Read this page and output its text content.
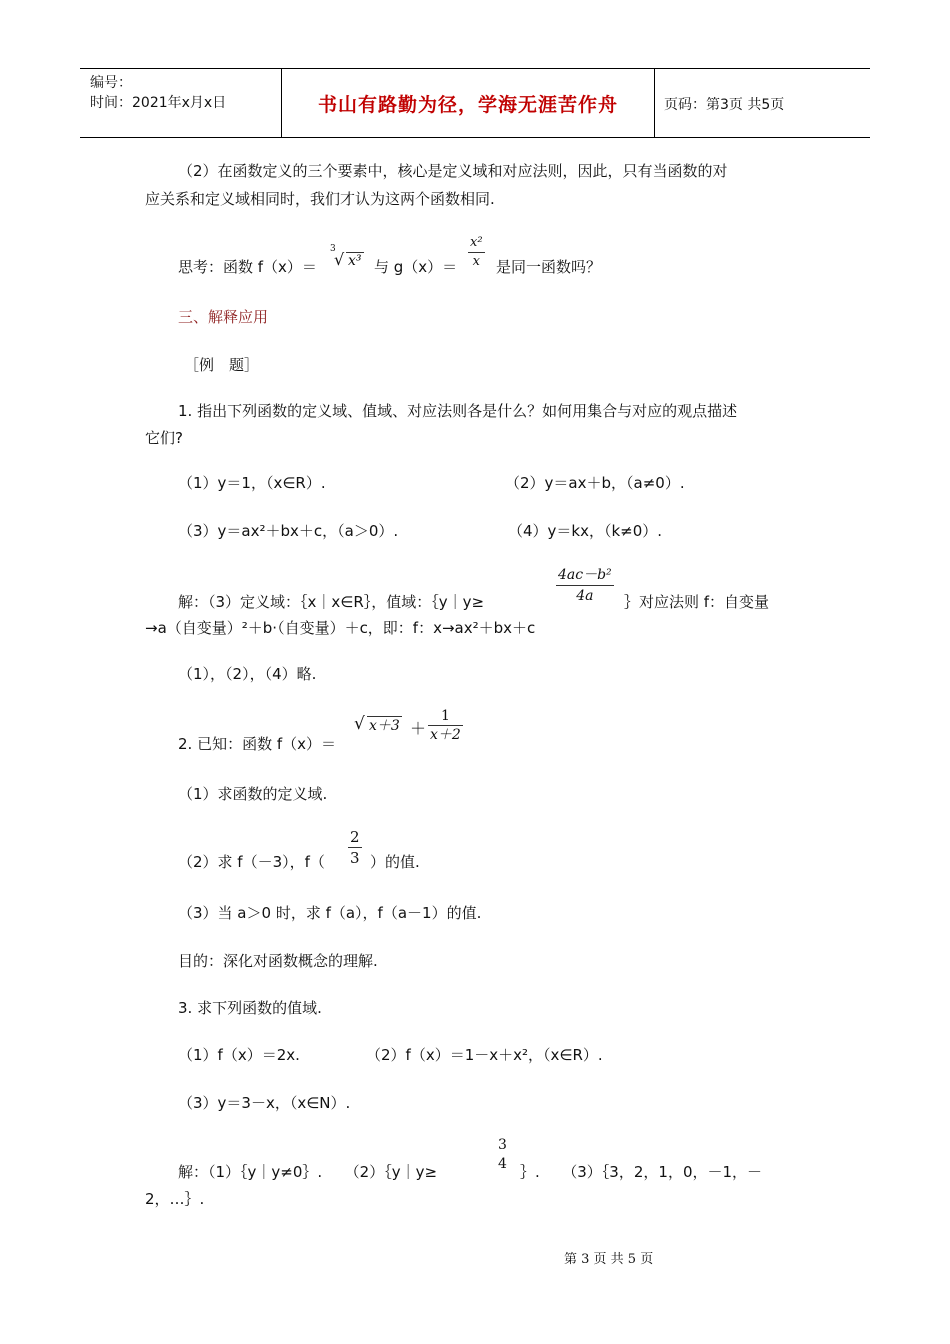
编号：
时间：2021年x月x日	书山有路勤为径，学海无涯苦作舟	页码：第3页 共5页
（2）在函数定义的三个要素中，核心是定义域和对应法则，因此，只有当函数的对
应关系和定义域相同时，我们才认为这两个函数相同.
思考：函数 f（x）＝
3
√ x³ 与 $g(x)= \frac{\text{x²}}{x}$ 是同一函数吗？
三、解释应用
［例　题］
1. 指出下列函数的定义域、值域、对应法则各是什么？如何用集合与对应的观点描述
它们?
（1）y＝1，（x∈R）.	（2）y＝ax＋b，（a≠0）.
（3）y＝ax²＋bx＋c，（a＞0）.	（4）y＝kx，（k≠0）.
解：（3）定义域：｛x｜x∈R｝，值域：｛y｜y≥	$\frac{\text{4ac－b²}}{4a}$ ｝对应法则 f：自变量
→a（自变量）²＋b·（自变量）＋c，即：f：x→ax²＋bx＋c
（1），（2），（4）略.
2. 已知：函数 f（x）＝
√ $x+3 + \frac{1}{x+2}$
（1）求函数的定义域.
（2）求 f（－3），$f( \frac{2}{3}$ ）的值.
（3）当 a＞0 时，求 f（a），f（a－1）的值.
目的：深化对函数概念的理解.
3. 求下列函数的值域.
（1）f（x）＝2x.	（2）f（x）＝1－x＋x²，（x∈R）.
（3）y＝3－x，（x∈N）.
解：（1）｛y｜y≠0｝.　　（2）｛y｜y≥
3
4 ｝.　　（3）｛3，2，1，0，－1，－
2，…｝.
第 3 页 共 5 页
